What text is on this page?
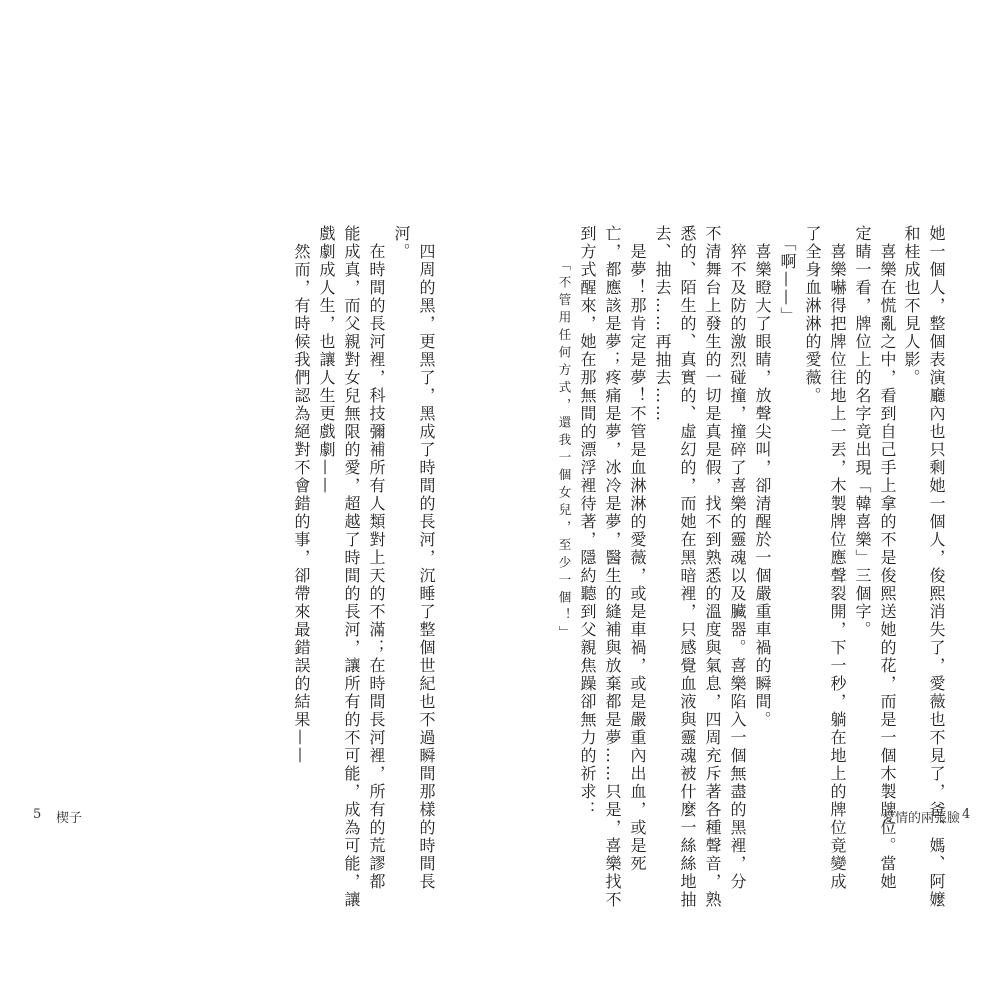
她一個人，整個表演廳內也只剩她一個人，俊熙消失了，愛薇也不見了，爸、媽、阿嬤
和桂成也不見人影。
　喜樂在慌亂之中，看到自己手上拿的不是俊熙送她的花，而是一個木製牌位。當她
定睛一看，牌位上的名字竟出現「韓喜樂」三個字。
　喜樂嚇得把牌位往地上一丟，木製牌位應聲裂開，下一秒，躺在地上的牌位竟變成
了全身血淋淋的愛薇。
　「啊——」
　喜樂瞪大了眼睛，放聲尖叫，卻清醒於一個嚴重車禍的瞬間。
　猝不及防的激烈碰撞，撞碎了喜樂的靈魂以及臟器。喜樂陷入一個無盡的黑裡，分
不清舞台上發生的一切是真是假，找不到熟悉的溫度與氣息，四周充斥著各種聲音，熟
悉的、陌生的、真實的、虛幻的，而她在黑暗裡，只感覺血液與靈魂被什麼一絲絲地抽
去、抽去……再抽去……
　是夢！那肯定是夢！不管是血淋淋的愛薇，或是車禍，或是嚴重內出血，或是死
亡，都應該是夢；疼痛是夢，冰冷是夢，醫生的縫補與放棄都是夢……只是，喜樂找不
到方式醒來，她在那無間的漂浮裡待著，隱約聽到父親焦躁卻無力的祈求：
「不管用任何方式，還我一個女兒，至少一個！」
　四周的黑，更黑了，黑成了時間的長河，沉睡了整個世紀也不過瞬間那樣的時間長
河。
　在時間的長河裡，科技彌補所有人類對上天的不滿；在時間長河裡，所有的荒謬都
能成真，而父親對女兒無限的愛，超越了時間的長河，讓所有的不可能，成為可能，讓
戲劇成人生，也讓人生更戲劇——
　然而，有時候我們認為絕對不會錯的事，卻帶來最錯誤的結果——
5 楔子	愛情的兩張臉 4
